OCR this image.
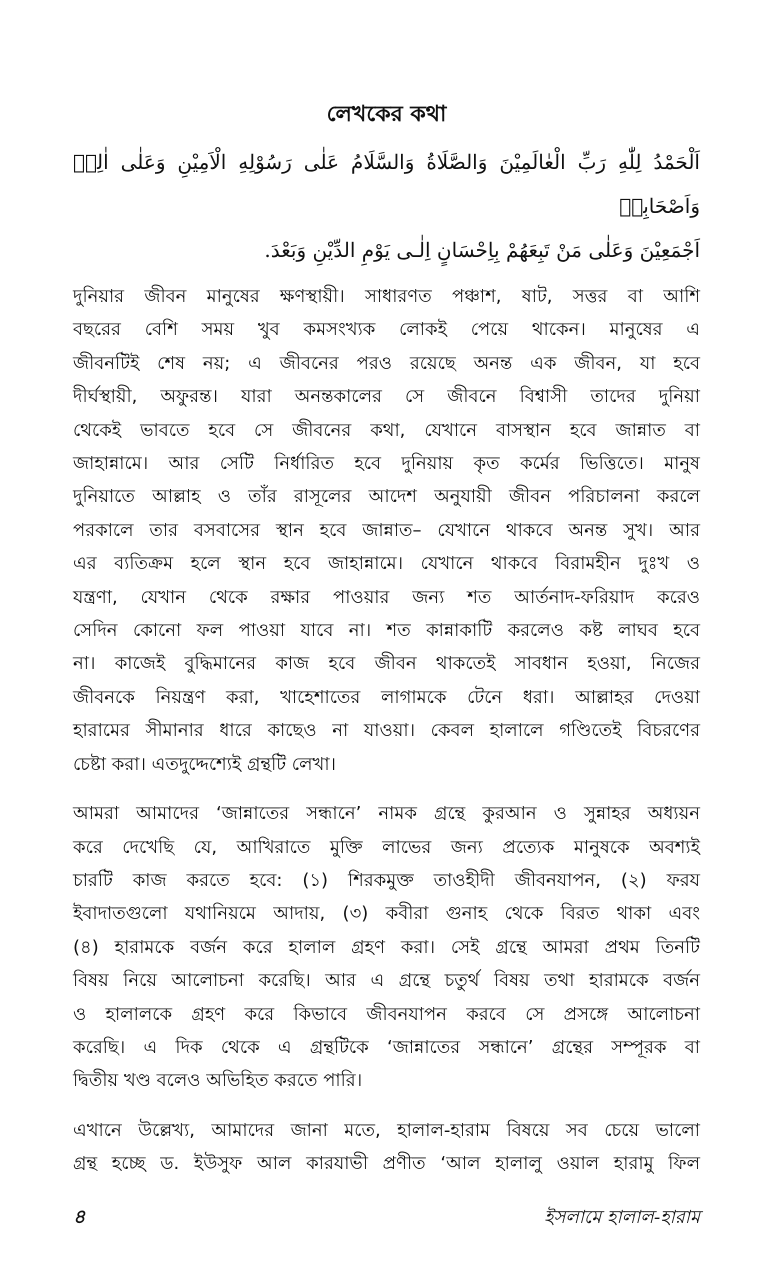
লেখকের কথা
اَلْحَمْدُ لِلّٰهِ رَبِّ الْعٰالَمِيْنَ وَالصَّلَاةُ وَالسَّلَامُ عَلٰى رَسُوْلِهِ الْاَمِيْنِ وَعَلٰى اٰلِهٖ وَاَصْحَابِهٖ
اَجْمَعِيْنَ وَعَلٰى مَنْ تَبِعَهُمْ بِاِحْسَانٍ اِلٰـى يَوْمِ الدِّيْنِ وَبَعْدَ.
দুনিয়ার জীবন মানুষের ক্ষণস্থায়ী। সাধারণত পঞ্চাশ, ষাট, সত্তর বা আশি
বছরের বেশি সময় খুব কমসংখ্যক লোকই পেয়ে থাকেন। মানুষের এ
জীবনটিই শেষ নয়; এ জীবনের পরও রয়েছে অনন্ত এক জীবন, যা হবে
দীর্ঘস্থায়ী, অফুরন্ত। যারা অনন্তকালের সে জীবনে বিশ্বাসী তাদের দুনিয়া
থেকেই ভাবতে হবে সে জীবনের কথা, যেখানে বাসস্থান হবে জান্নাত বা
জাহান্নামে। আর সেটি নির্ধারিত হবে দুনিয়ায় কৃত কর্মের ভিত্তিতে। মানুষ
দুনিয়াতে আল্লাহ ও তাঁর রাসূলের আদেশ অনুযায়ী জীবন পরিচালনা করলে
পরকালে তার বসবাসের স্থান হবে জান্নাত– যেখানে থাকবে অনন্ত সুখ। আর
এর ব্যতিক্রম হলে স্থান হবে জাহান্নামে। যেখানে থাকবে বিরামহীন দুঃখ ও
যন্ত্রণা, যেখান থেকে রক্ষার পাওয়ার জন্য শত আর্তনাদ-ফরিয়াদ করেও
সেদিন কোনো ফল পাওয়া যাবে না। শত কান্নাকাটি করলেও কষ্ট লাঘব হবে
না। কাজেই বুদ্ধিমানের কাজ হবে জীবন থাকতেই সাবধান হওয়া, নিজের
জীবনকে নিয়ন্ত্রণ করা, খাহেশাতের লাগামকে টেনে ধরা। আল্লাহর দেওয়া
হারামের সীমানার ধারে কাছেও না যাওয়া। কেবল হালালে গণ্ডিতেই বিচরণের
চেষ্টা করা। এতদুদ্দেশ্যেই গ্রন্থটি লেখা।
আমরা আমাদের ‘জান্নাতের সন্ধানে’ নামক গ্রন্থে কুরআন ও সুন্নাহর অধ্যয়ন
করে দেখেছি যে, আখিরাতে মুক্তি লাভের জন্য প্রত্যেক মানুষকে অবশ্যই
চারটি কাজ করতে হবে: (১) শিরকমুক্ত তাওহীদী জীবনযাপন, (২) ফরয
ইবাদাতগুলো যথানিয়মে আদায়, (৩) কবীরা গুনাহ থেকে বিরত থাকা এবং
(৪) হারামকে বর্জন করে হালাল গ্রহণ করা। সেই গ্রন্থে আমরা প্রথম তিনটি
বিষয় নিয়ে আলোচনা করেছি। আর এ গ্রন্থে চতুর্থ বিষয় তথা হারামকে বর্জন
ও হালালকে গ্রহণ করে কিভাবে জীবনযাপন করবে সে প্রসঙ্গে আলোচনা
করেছি। এ দিক থেকে এ গ্রন্থটিকে ‘জান্নাতের সন্ধানে’ গ্রন্থের সম্পূরক বা
দ্বিতীয় খণ্ড বলেও অভিহিত করতে পারি।
এখানে উল্লেখ্য, আমাদের জানা মতে, হালাল-হারাম বিষয়ে সব চেয়ে ভালো
গ্রন্থ হচ্ছে ড. ইউসুফ আল কারযাভী প্রণীত ‘আল হালালু ওয়াল হারামু ফিল
৪	ইসলামে হালাল-হারাম
